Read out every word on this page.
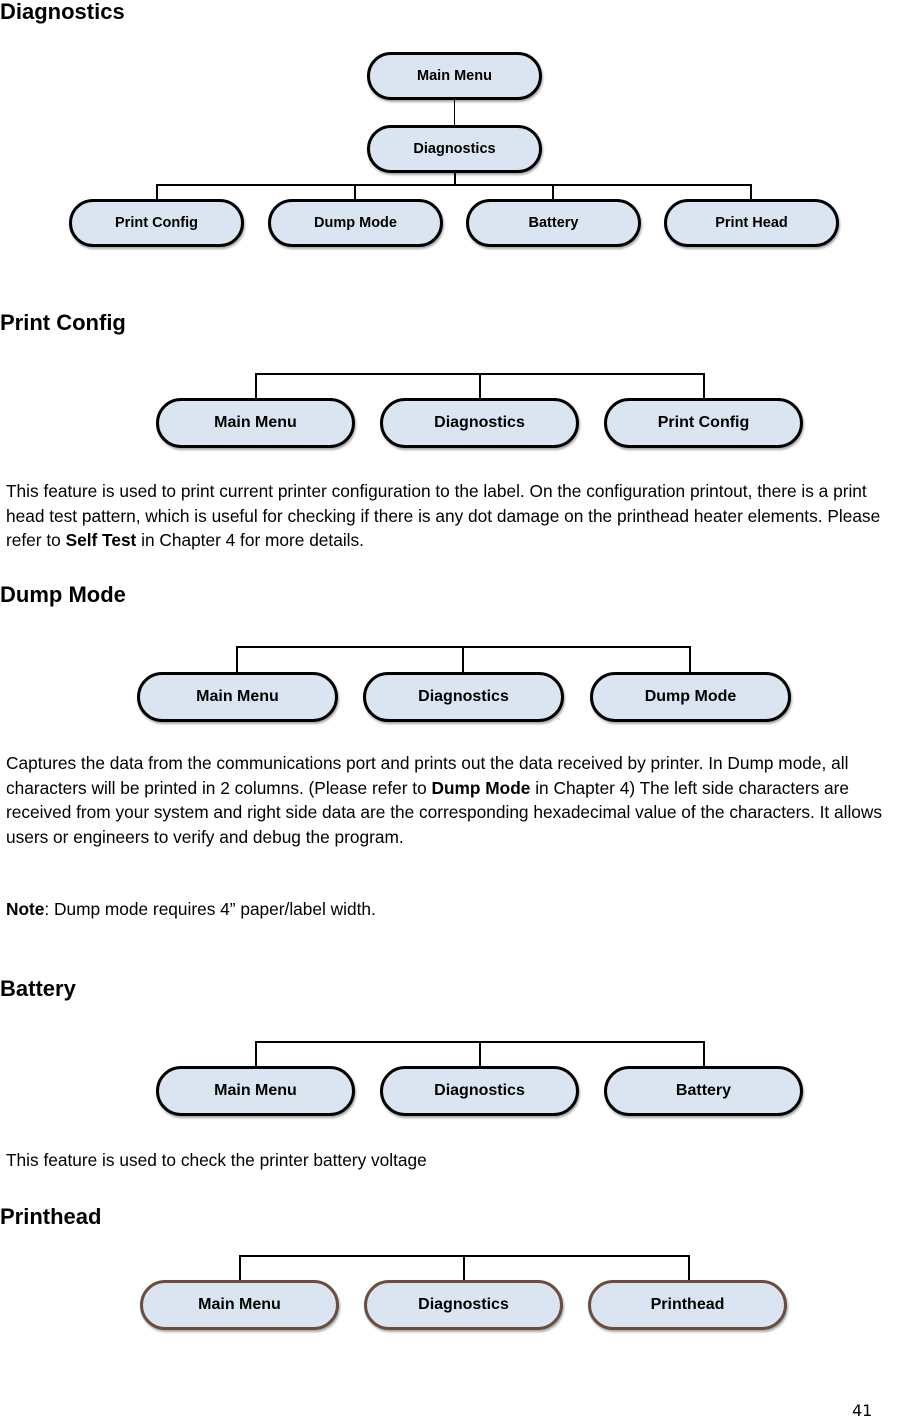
Diagnostics
Main Menu
Diagnostics
Print Config	Dump Mode	Battery	Print Head
Print Config
Main Menu	Diagnostics	Print Config

This feature is used to print current printer configuration to the label. On the configuration printout, there is a print head test pattern, which is useful for checking if there is any dot damage on the printhead heater elements. Please refer to Self Test in Chapter 4 for more details.

Dump Mode
Main Menu	Diagnostics	Dump Mode

Captures the data from the communications port and prints out the data received by printer. In Dump mode, all characters will be printed in 2 columns. (Please refer to Dump Mode in Chapter 4) The left side characters are received from your system and right side data are the corresponding hexadecimal value of the characters. It allows users or engineers to verify and debug the program.

Note: Dump mode requires 4” paper/label width.

Battery
Main Menu	Diagnostics	Battery

This feature is used to check the printer battery voltage

Printhead
Main Menu	Diagnostics	Printhead
41
